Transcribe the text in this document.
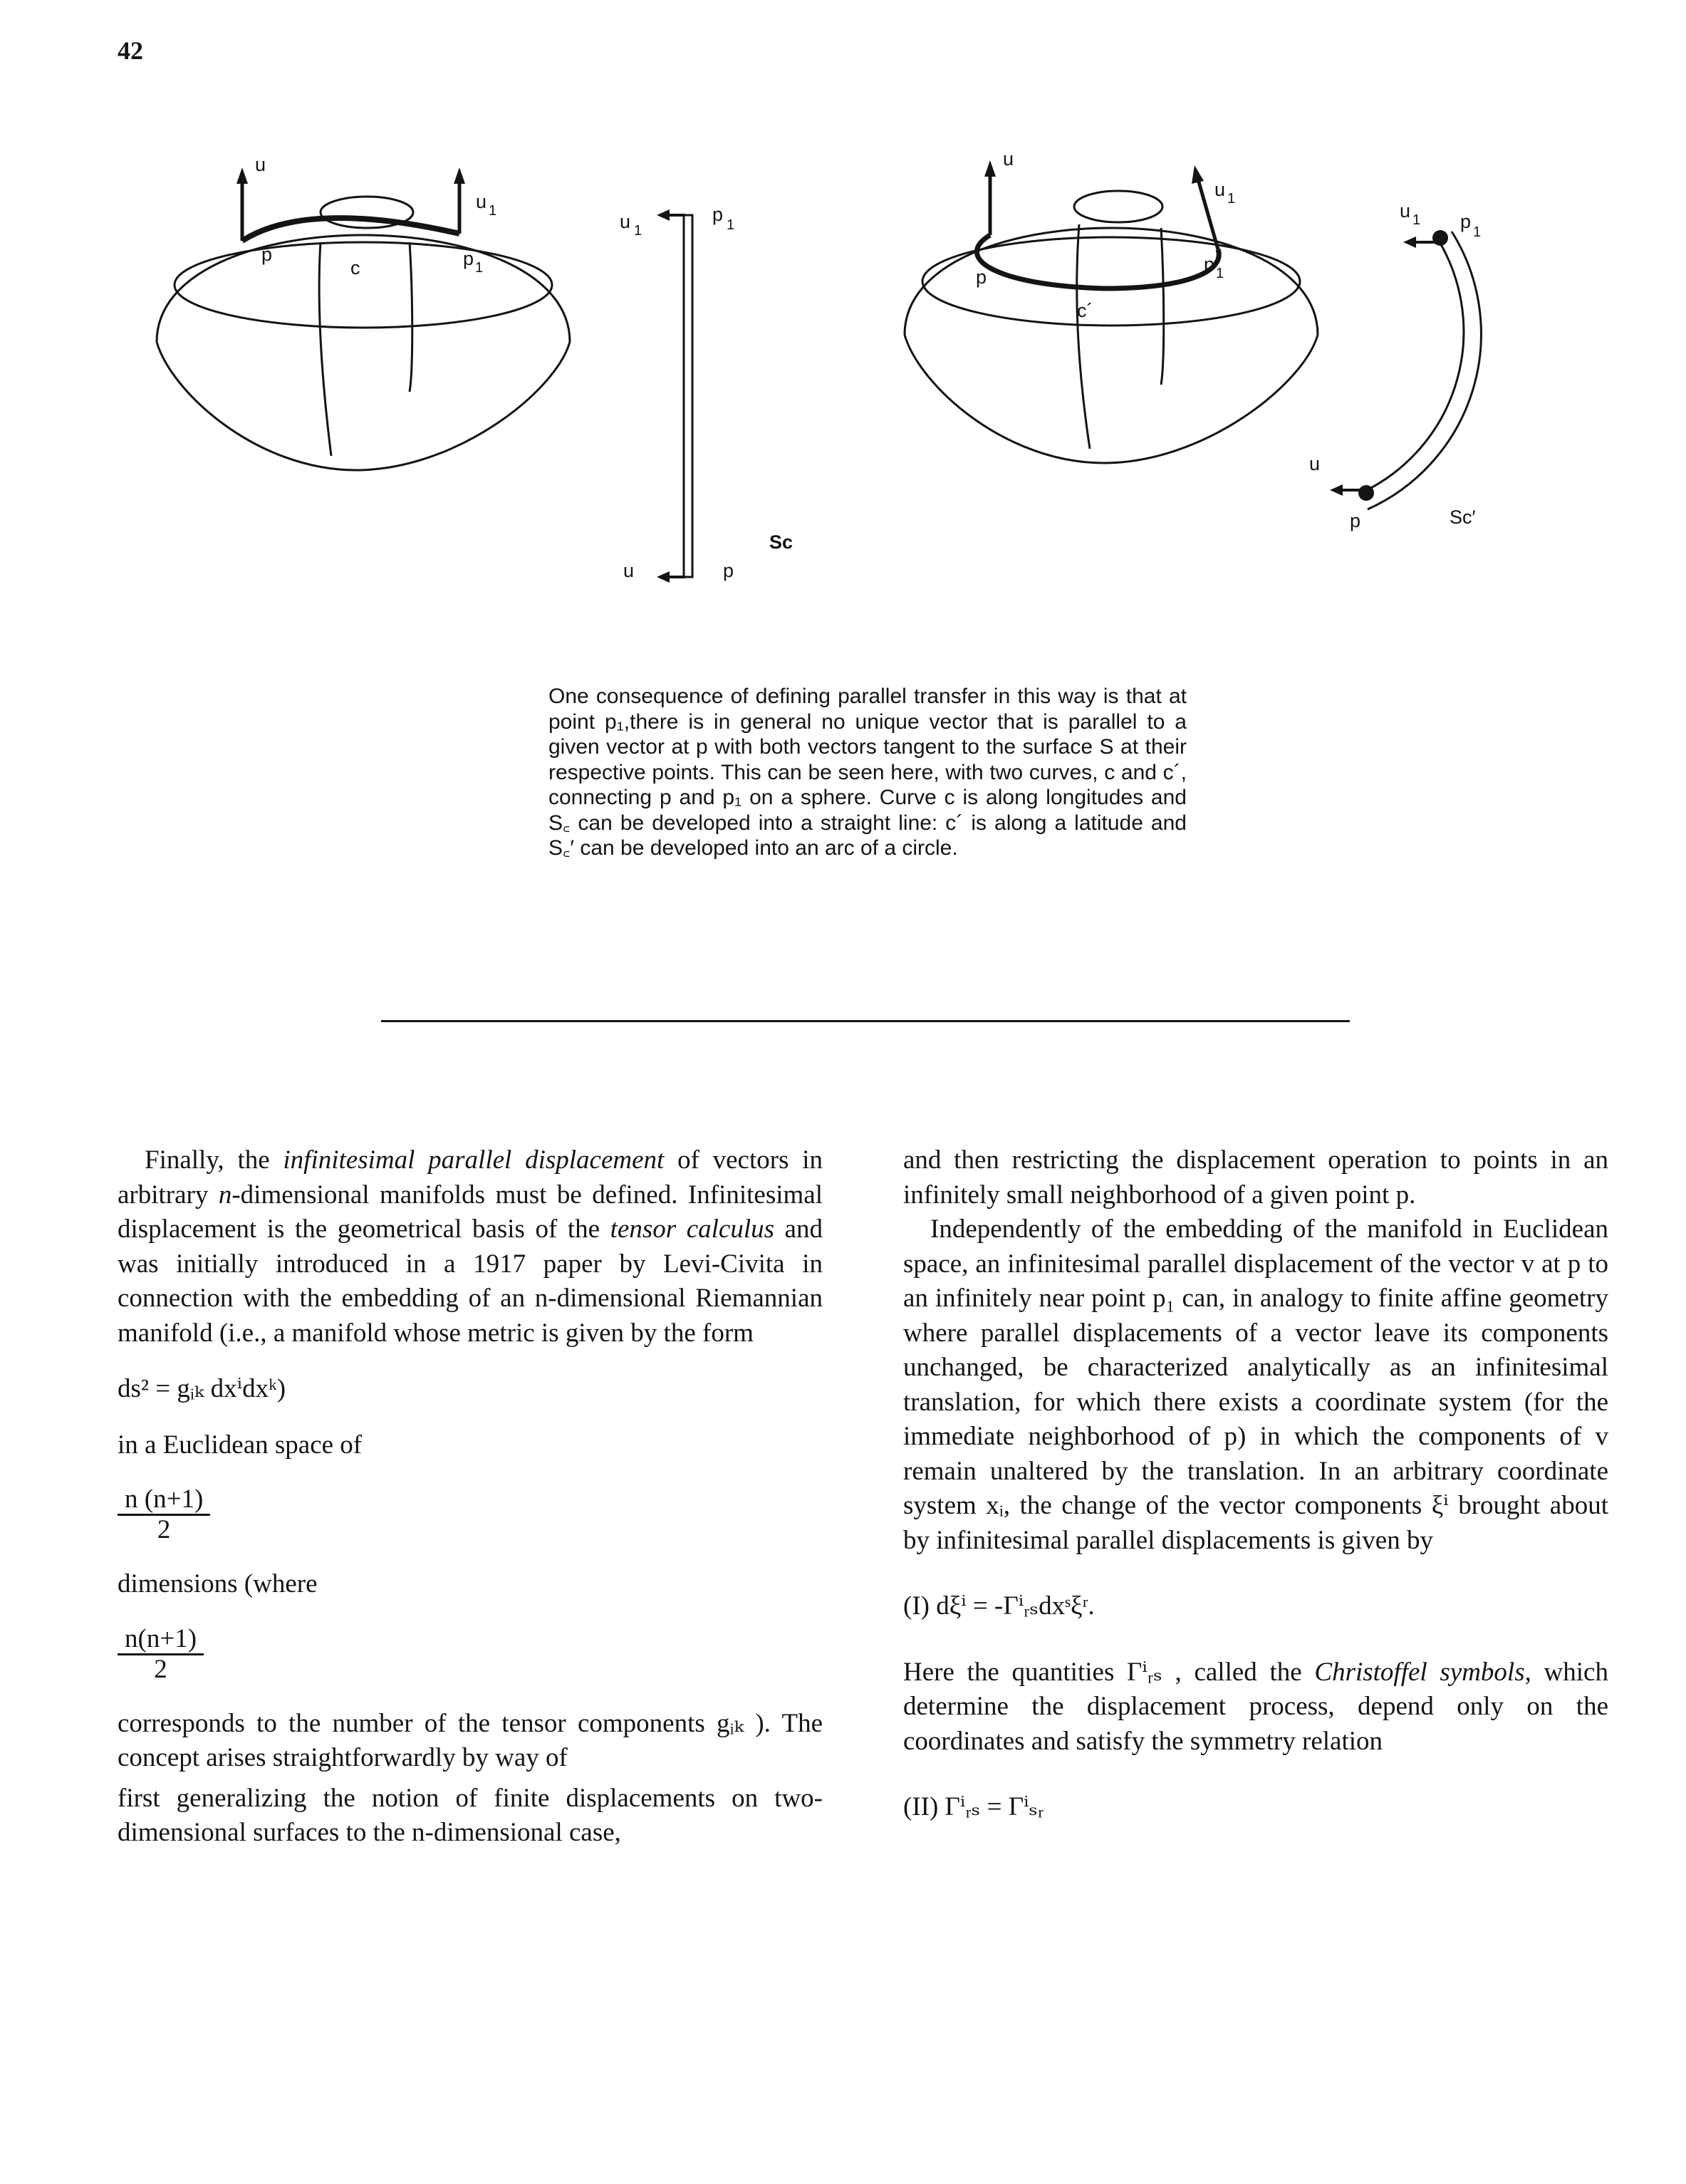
42
u
u 1
p
c	p 1
u 1
p 1
Sc
u	p
u
u 1
p
p 1
c´
u 1 p 1
u
p	Sc′

One consequence of defining parallel transfer in this way is that at point p₁,there is in general no unique vector that is parallel to a given vector at p with both vectors tangent to the surface S at their respective points. This can be seen here, with two curves, c and c´, connecting p and p₁ on a sphere. Curve c is along longitudes and S꜀ can be developed into a straight line: c´ is along a latitude and S꜀′ can be developed into an arc of a circle.

Finally, the infinitesimal parallel displacement of vectors in arbitrary n-dimensional manifolds must be defined. Infinitesimal displacement is the geometrical basis of the tensor calculus and was initially introduced in a 1917 paper by Levi-Civita in connection with the embedding of an n-dimensional Riemannian manifold (i.e., a manifold whose metric is given by the form

ds² = gᵢₖ dxⁱdxᵏ)

in a Euclidean space of

$\frac{n (n+1)}{2}$

dimensions (where

$\frac{n(n+1)}{2}$

corresponds to the number of the tensor components gᵢₖ ). The concept arises straightforwardly by way of

first generalizing the notion of finite displacements on two-dimensional surfaces to the n-dimensional case,

and then restricting the displacement operation to points in an infinitely small neighborhood of a given point p.

Independently of the embedding of the manifold in Euclidean space, an infinitesimal parallel displacement of the vector v at p to an infinitely near point p₁ can, in analogy to finite affine geometry where parallel displacements of a vector leave its components unchanged, be characterized analytically as an infinitesimal translation, for which there exists a coordinate system (for the immediate neighborhood of p) in which the components of v remain unaltered by the translation. In an arbitrary coordinate system xᵢ, the change of the vector components ξⁱ brought about by infinitesimal parallel displacements is given by

(I) dξⁱ = -Γⁱᵣₛdxˢξʳ.

Here the quantities Γⁱᵣₛ , called the Christoffel symbols, which determine the displacement process, depend only on the coordinates and satisfy the symmetry relation

(II) Γⁱᵣₛ = Γⁱₛᵣ
